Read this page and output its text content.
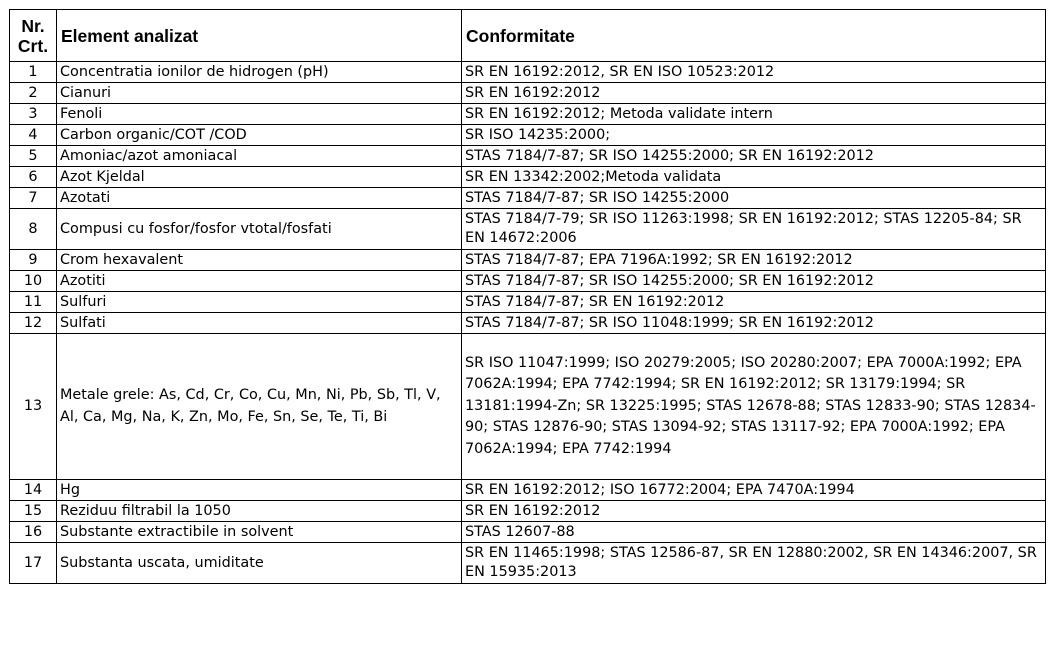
Nr. Crt.	Element analizat	Conformitate
1	Concentratia ionilor de hidrogen (pH)	SR EN 16192:2012, SR EN ISO 10523:2012
2	Cianuri	SR EN 16192:2012
3	Fenoli	SR EN 16192:2012; Metoda validate intern
4	Carbon organic/COT /COD	SR ISO 14235:2000;
5	Amoniac/azot amoniacal	STAS 7184/7-87; SR ISO 14255:2000; SR EN 16192:2012
6	Azot Kjeldal	SR EN 13342:2002;Metoda validata
7	Azotati	STAS 7184/7-87; SR ISO 14255:2000
8	Compusi cu fosfor/fosfor vtotal/fosfati	STAS 7184/7-79; SR ISO 11263:1998; SR EN 16192:2012; STAS 12205-84; SR EN 14672:2006
9	Crom hexavalent	STAS 7184/7-87; EPA 7196A:1992; SR EN 16192:2012
10	Azotiti	STAS 7184/7-87; SR ISO 14255:2000; SR EN 16192:2012
11	Sulfuri	STAS 7184/7-87; SR EN 16192:2012
12	Sulfati	STAS 7184/7-87; SR ISO 11048:1999; SR EN 16192:2012
13	Metale grele: As, Cd, Cr, Co, Cu, Mn, Ni, Pb, Sb, Tl, V, Al, Ca, Mg, Na, K, Zn, Mo, Fe, Sn, Se, Te, Ti, Bi	SR ISO 11047:1999; ISO 20279:2005; ISO 20280:2007; EPA 7000A:1992; EPA 7062A:1994; EPA 7742:1994; SR EN 16192:2012; SR 13179:1994; SR 13181:1994-Zn; SR 13225:1995; STAS 12678-88; STAS 12833-90; STAS 12834-90; STAS 12876-90; STAS 13094-92; STAS 13117-92; EPA 7000A:1992; EPA 7062A:1994; EPA 7742:1994
14	Hg	SR EN 16192:2012; ISO 16772:2004; EPA 7470A:1994
15	Reziduu filtrabil la 1050	SR EN 16192:2012
16	Substante extractibile in solvent	STAS 12607-88
17	Substanta uscata, umiditate	SR EN 11465:1998; STAS 12586-87, SR EN 12880:2002, SR EN 14346:2007, SR EN 15935:2013
